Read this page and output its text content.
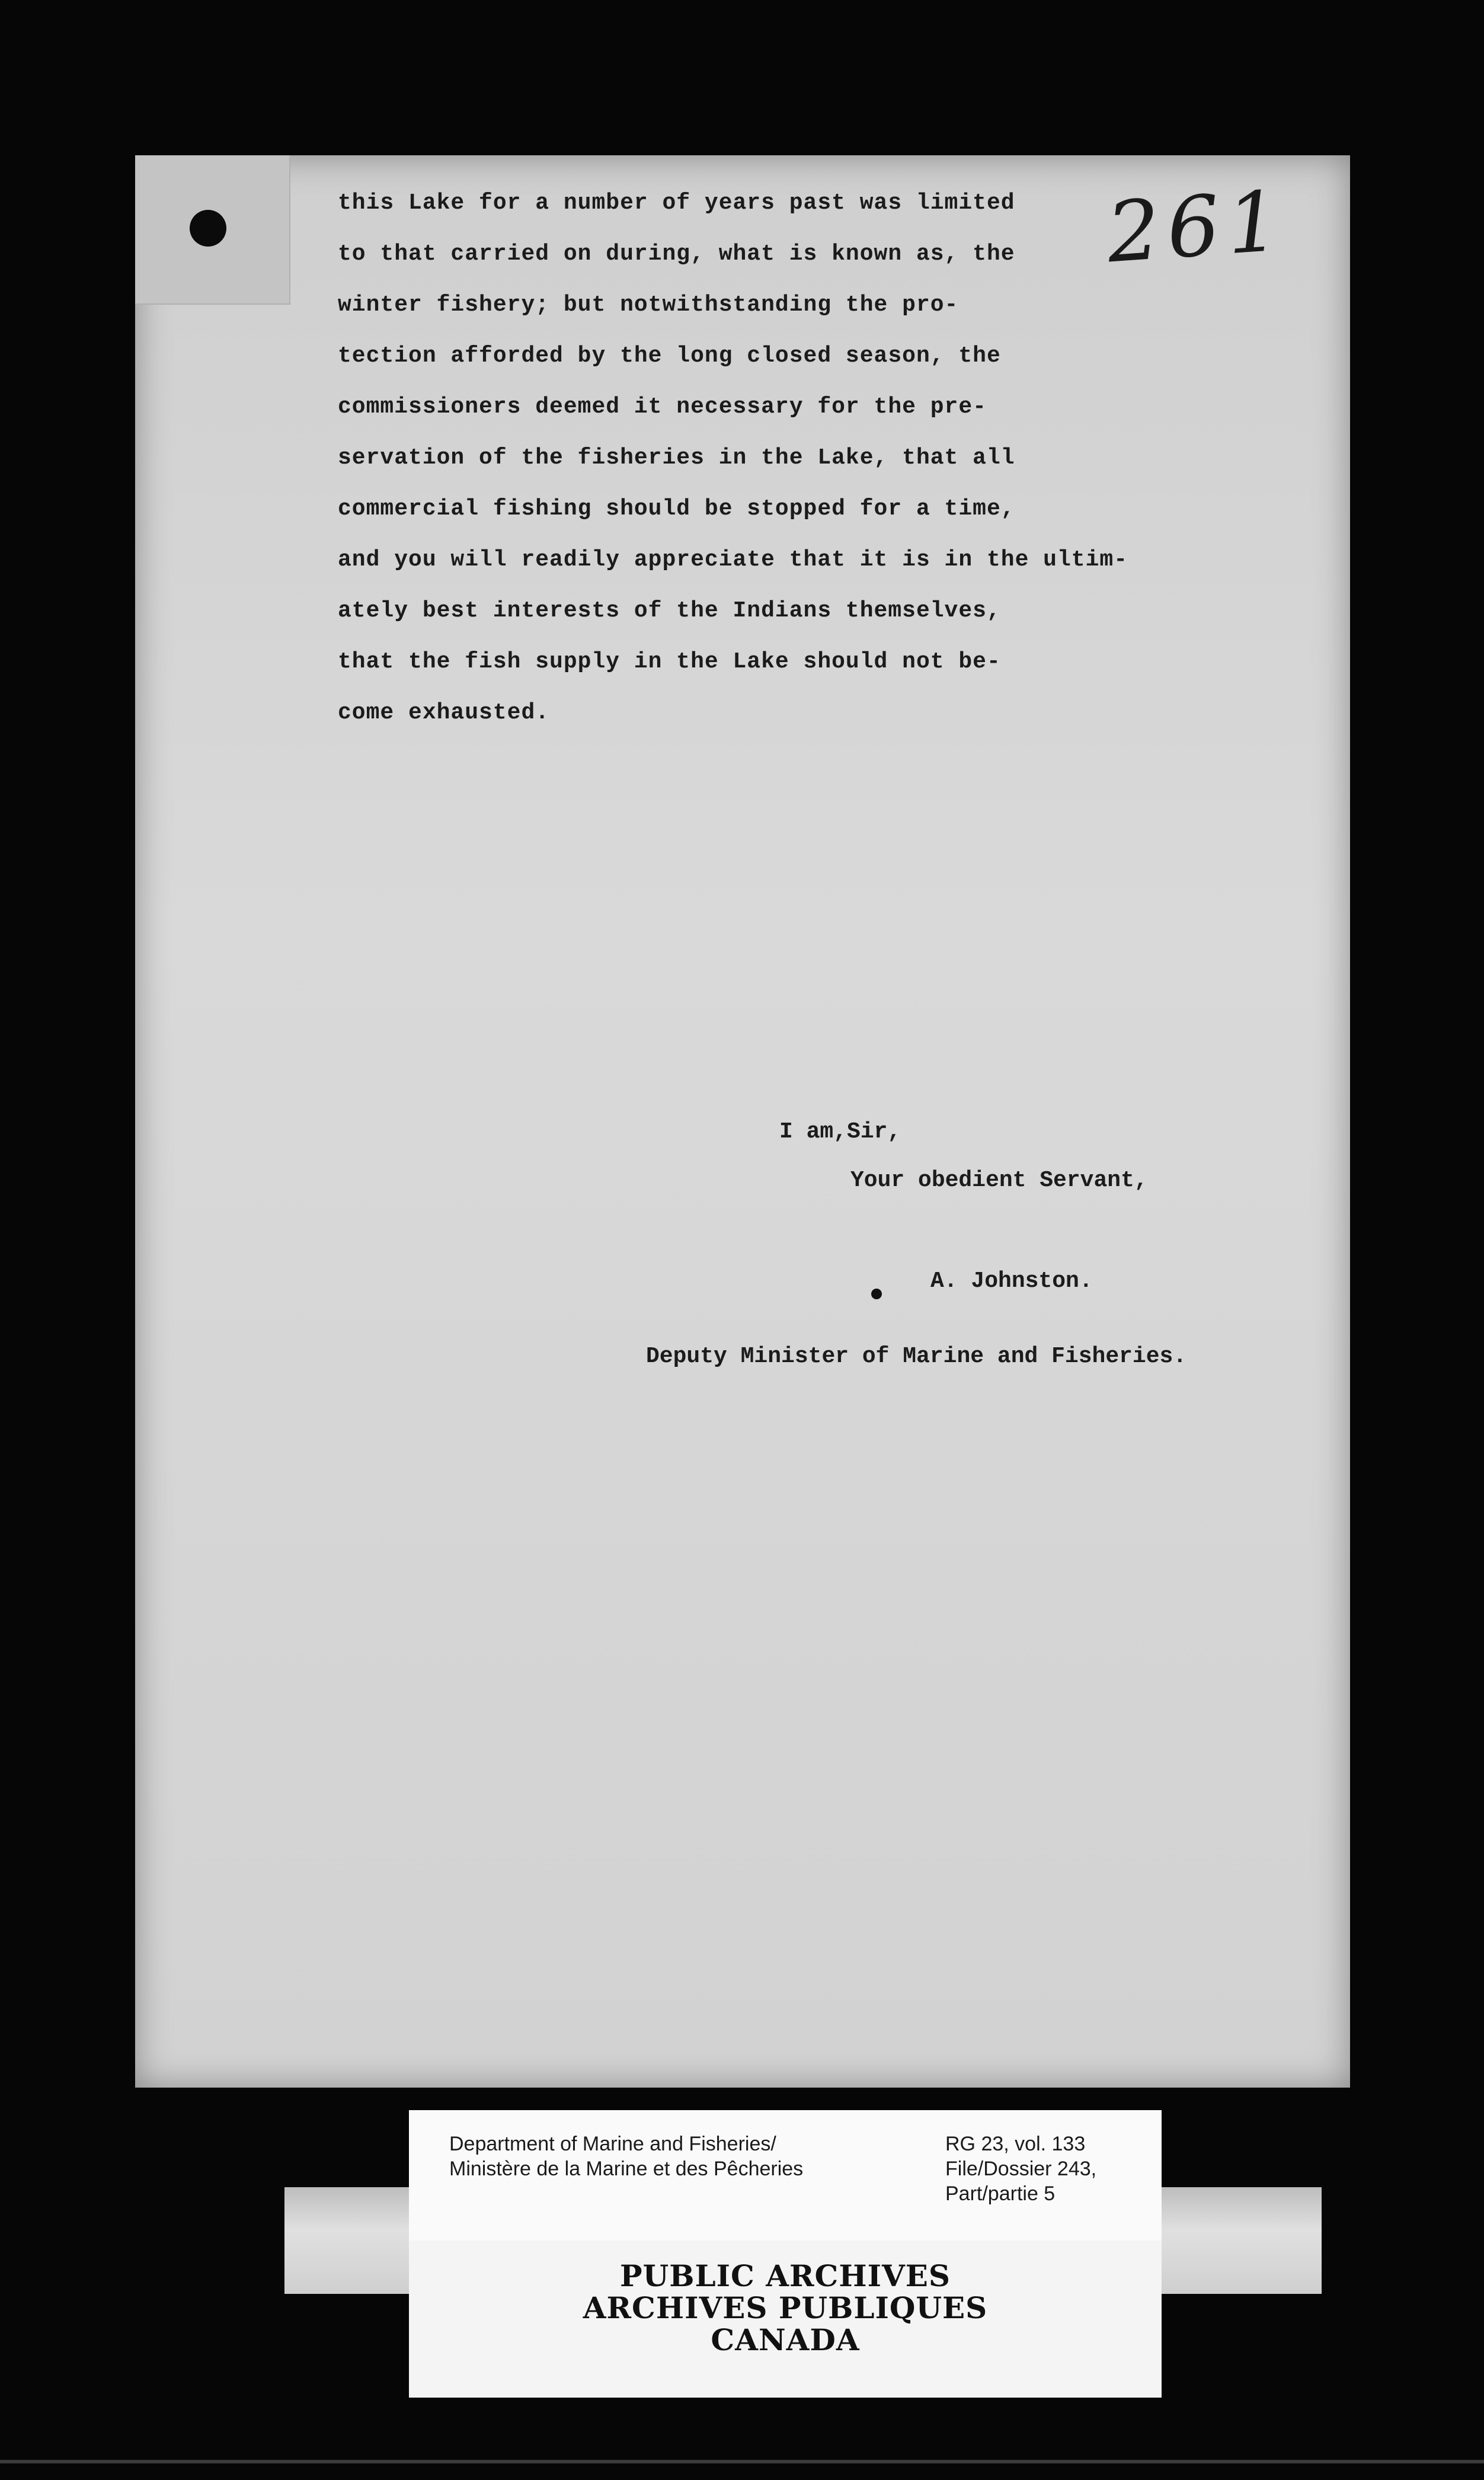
261
this Lake for a number of years past was limited
to that carried on during, what is known as, the
winter fishery; but notwithstanding the pro-
tection afforded by the long closed season, the
commissioners deemed it necessary for the pre-
servation of the fisheries in the Lake, that all
commercial fishing should be stopped for a time,
and you will readily appreciate that it is in the ultim-
ately best interests of the Indians themselves,
that the fish supply in the Lake should not be-
come exhausted.
I am,Sir,
Your obedient Servant,
A. Johnston.
Deputy Minister of Marine and Fisheries.
Department of Marine and Fisheries/
Ministère de la Marine et des Pêcheries
RG 23, vol. 133
File/Dossier 243,
Part/partie 5
PUBLIC ARCHIVES
ARCHIVES PUBLIQUES
CANADA
